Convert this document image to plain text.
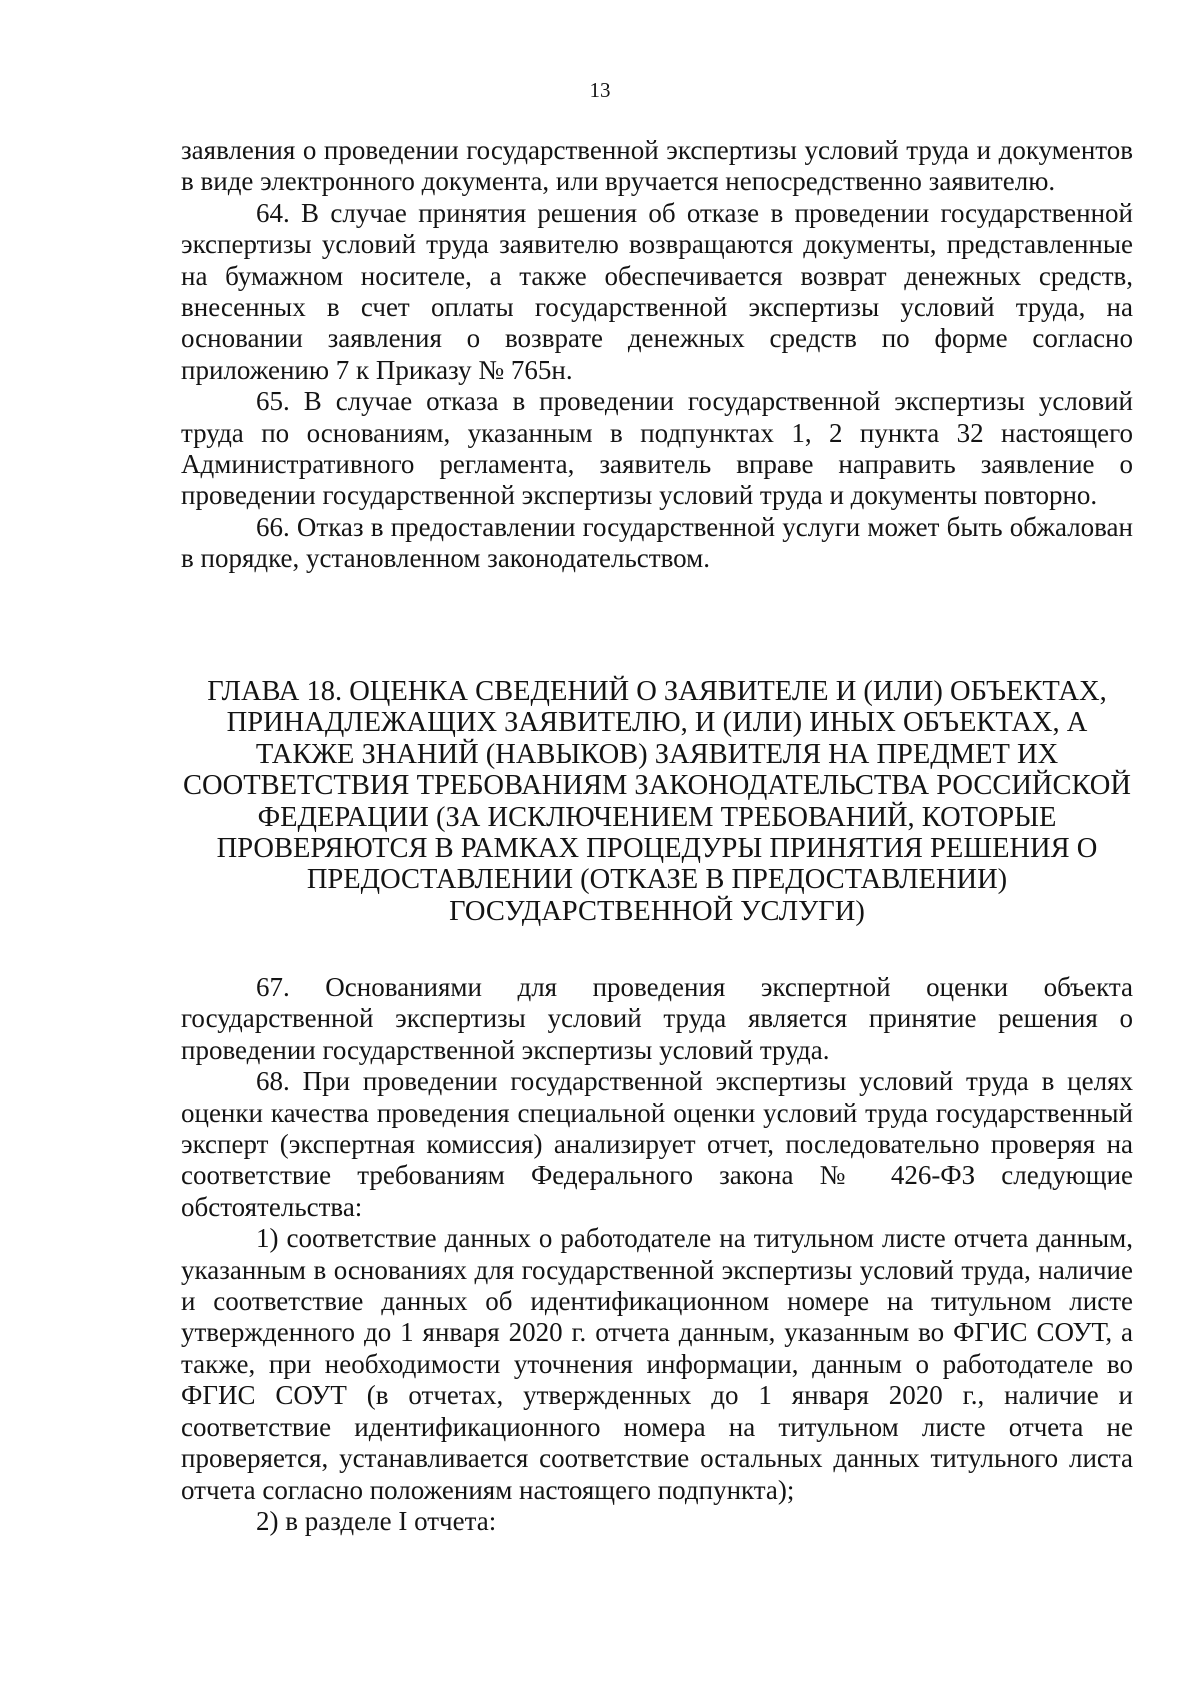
13

заявления о проведении государственной экспертизы условий труда и документов в виде электронного документа, или вручается непосредственно заявителю.

64. В случае принятия решения об отказе в проведении государственной экспертизы условий труда заявителю возвращаются документы, представленные на бумажном носителе, а также обеспечивается возврат денежных средств, внесенных в счет оплаты государственной экспертизы условий труда, на основании заявления о возврате денежных средств по форме согласно приложению 7 к Приказу № 765н.

65. В случае отказа в проведении государственной экспертизы условий труда по основаниям, указанным в подпунктах 1, 2 пункта 32 настоящего Административного регламента, заявитель вправе направить заявление о проведении государственной экспертизы условий труда и документы повторно.

66. Отказ в предоставлении государственной услуги может быть обжалован в порядке, установленном законодательством.

ГЛАВА 18. ОЦЕНКА СВЕДЕНИЙ О ЗАЯВИТЕЛЕ И (ИЛИ) ОБЪЕКТАХ,
ПРИНАДЛЕЖАЩИХ ЗАЯВИТЕЛЮ, И (ИЛИ) ИНЫХ ОБЪЕКТАХ, А
ТАКЖЕ ЗНАНИЙ (НАВЫКОВ) ЗАЯВИТЕЛЯ НА ПРЕДМЕТ ИХ
СООТВЕТСТВИЯ ТРЕБОВАНИЯМ ЗАКОНОДАТЕЛЬСТВА РОССИЙСКОЙ
ФЕДЕРАЦИИ (ЗА ИСКЛЮЧЕНИЕМ ТРЕБОВАНИЙ, КОТОРЫЕ
ПРОВЕРЯЮТСЯ В РАМКАХ ПРОЦЕДУРЫ ПРИНЯТИЯ РЕШЕНИЯ О
ПРЕДОСТАВЛЕНИИ (ОТКАЗЕ В ПРЕДОСТАВЛЕНИИ)
ГОСУДАРСТВЕННОЙ УСЛУГИ)

67. Основаниями для проведения экспертной оценки объекта государственной экспертизы условий труда является принятие решения о проведении государственной экспертизы условий труда.

68. При проведении государственной экспертизы условий труда в целях оценки качества проведения специальной оценки условий труда государственный эксперт (экспертная комиссия) анализирует отчет, последовательно проверяя на соответствие требованиям Федерального закона № 426-ФЗ следующие обстоятельства:

1) соответствие данных о работодателе на титульном листе отчета данным, указанным в основаниях для государственной экспертизы условий труда, наличие и соответствие данных об идентификационном номере на титульном листе утвержденного до 1 января 2020 г. отчета данным, указанным во ФГИС СОУТ, а также, при необходимости уточнения информации, данным о работодателе во ФГИС СОУТ (в отчетах, утвержденных до 1 января 2020 г., наличие и соответствие идентификационного номера на титульном листе отчета не проверяется, устанавливается соответствие остальных данных титульного листа отчета согласно положениям настоящего подпункта);

2) в разделе I отчета:
